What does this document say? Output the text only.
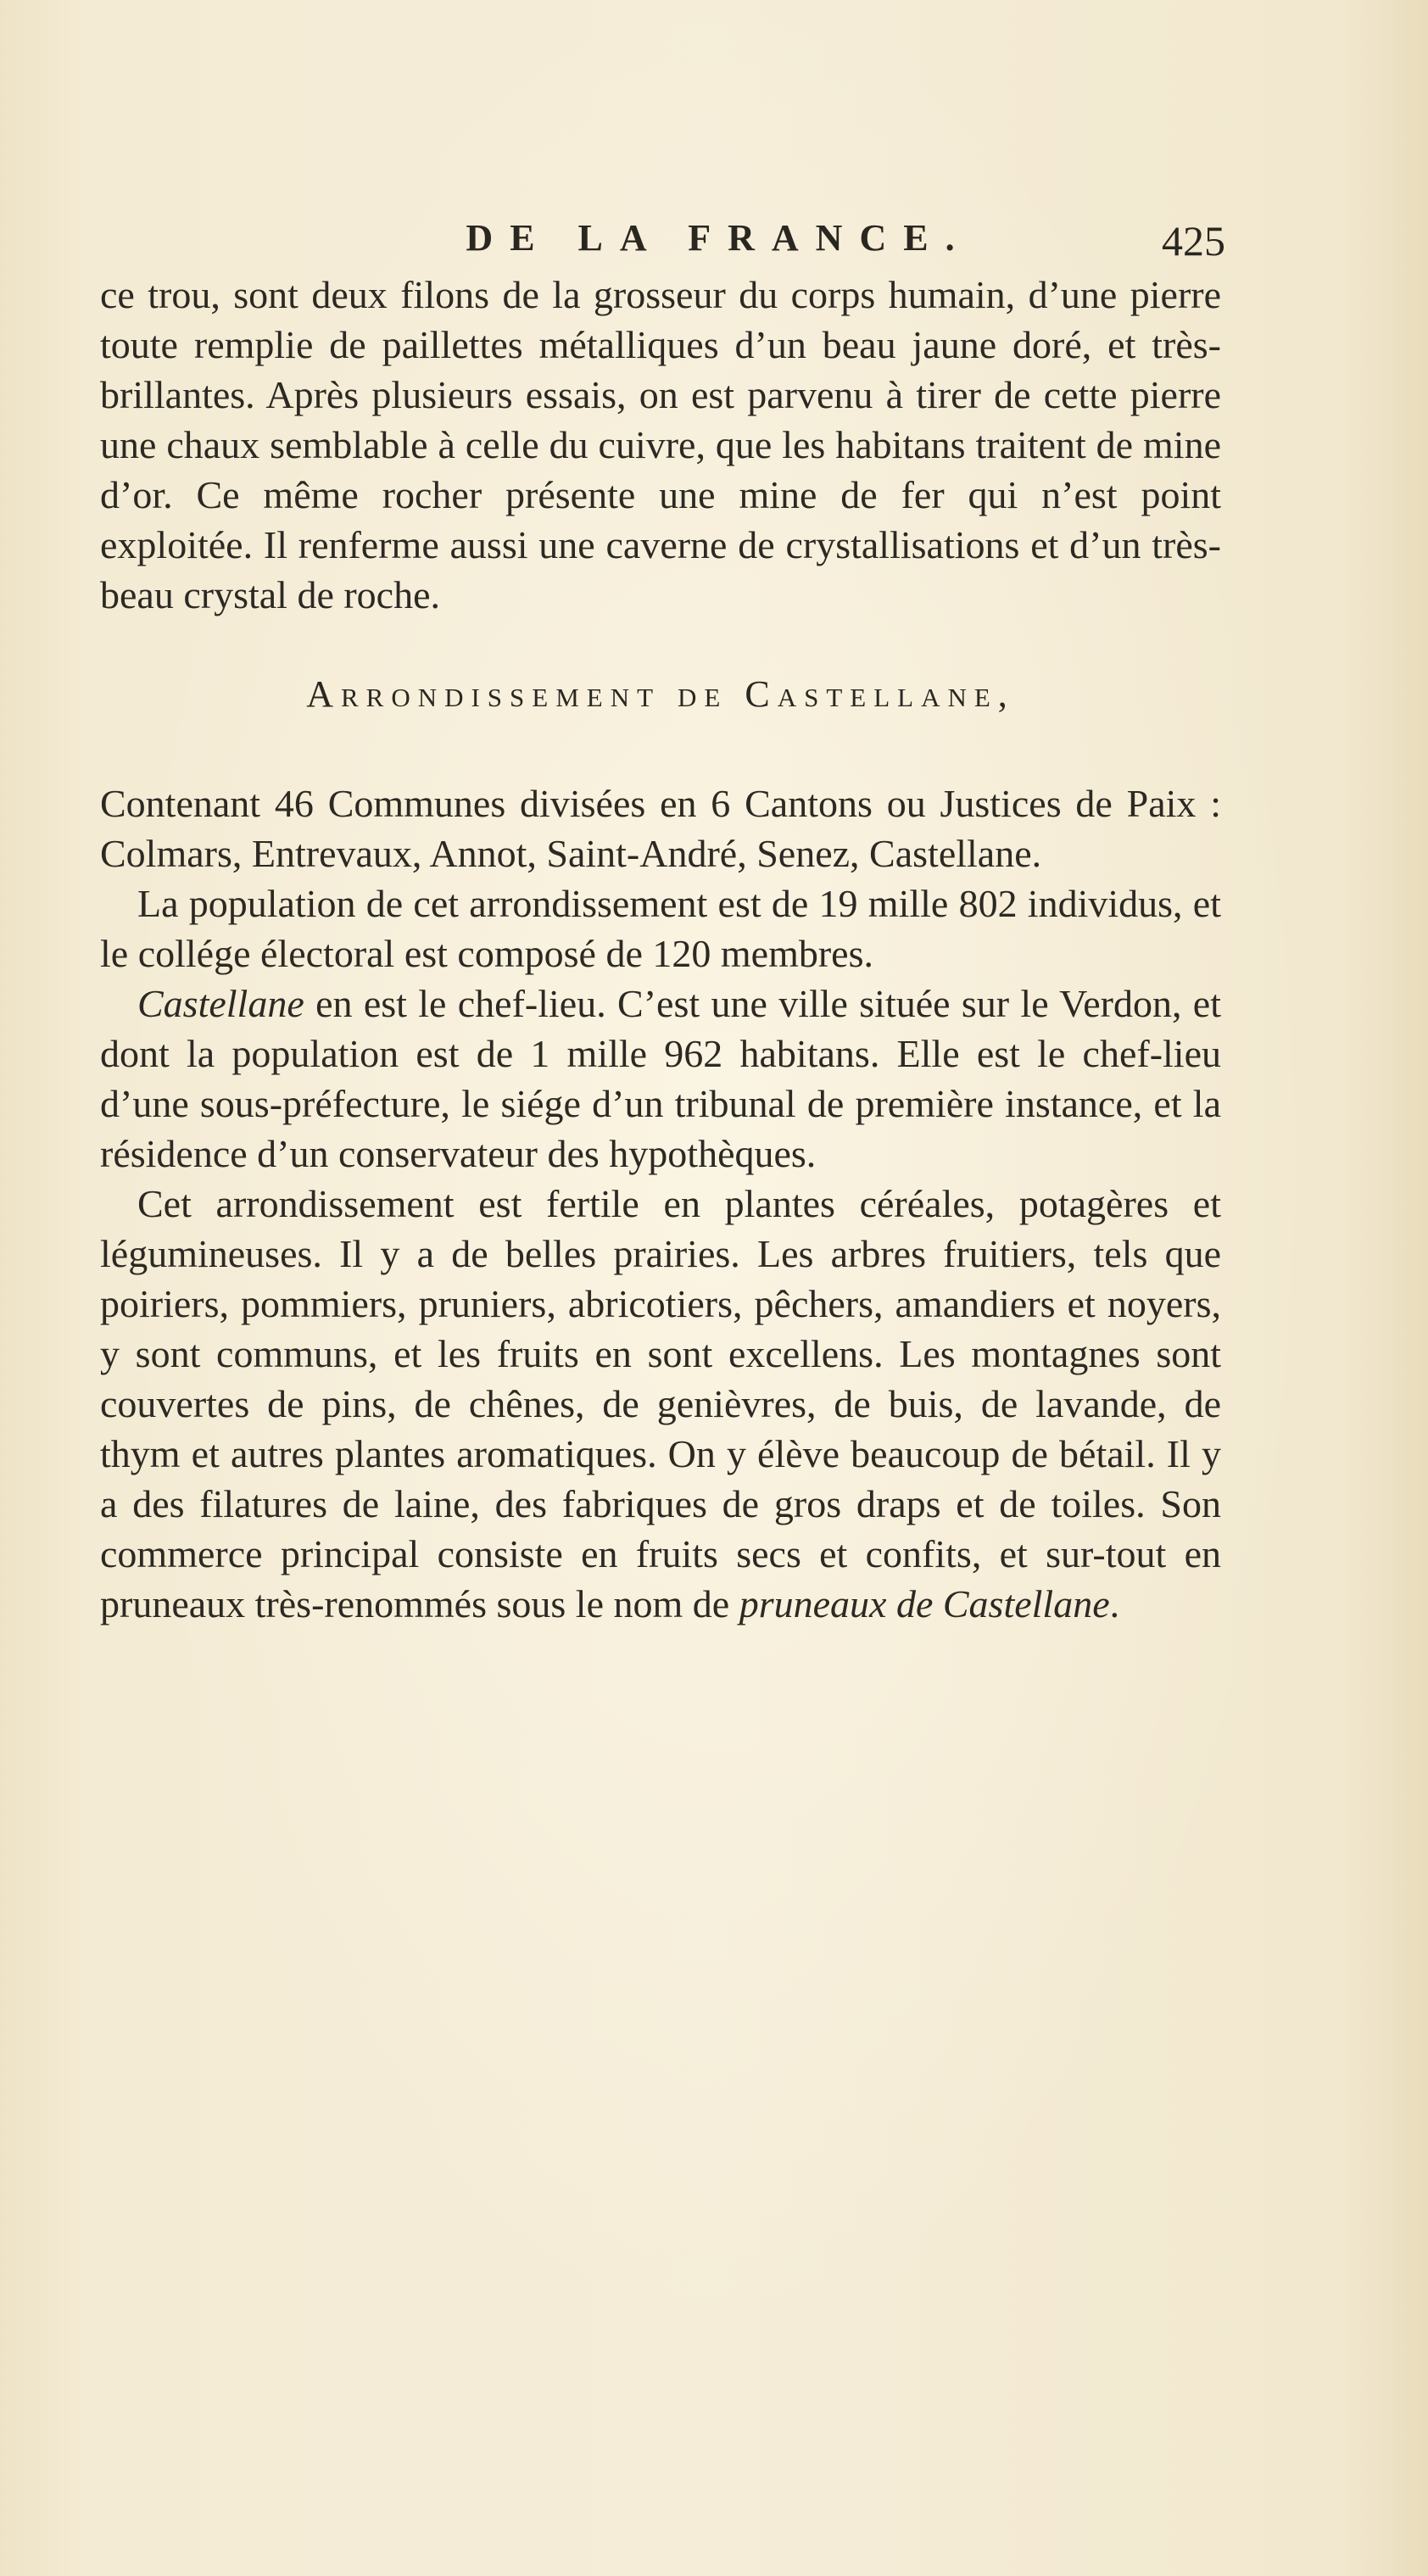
DE LA FRANCE.	425

ce trou, sont deux filons de la grosseur du corps humain, d’une pierre toute remplie de paillettes métalliques d’un beau jaune doré, et très-brillantes. Après plusieurs essais, on est parvenu à tirer de cette pierre une chaux semblable à celle du cuivre, que les habitans traitent de mine d’or. Ce même rocher présente une mine de fer qui n’est point exploitée. Il renferme aussi une caverne de crystallisations et d’un très-beau crystal de roche.

Arrondissement de Castellane,

Contenant 46 Communes divisées en 6 Cantons ou Justices de Paix : Colmars, Entrevaux, Annot, Saint-André, Senez, Castellane.

La population de cet arrondissement est de 19 mille 802 individus, et le collége électoral est composé de 120 membres.

Castellane en est le chef-lieu. C’est une ville située sur le Verdon, et dont la population est de 1 mille 962 habitans. Elle est le chef-lieu d’une sous-préfecture, le siége d’un tribunal de première instance, et la résidence d’un conservateur des hypothèques.

Cet arrondissement est fertile en plantes céréales, potagères et légumineuses. Il y a de belles prairies. Les arbres fruitiers, tels que poiriers, pommiers, pruniers, abricotiers, pêchers, amandiers et noyers, y sont communs, et les fruits en sont excellens. Les montagnes sont couvertes de pins, de chênes, de genièvres, de buis, de lavande, de thym et autres plantes aromatiques. On y élève beaucoup de bétail. Il y a des filatures de laine, des fabriques de gros draps et de toiles. Son commerce principal consiste en fruits secs et confits, et sur-tout en pruneaux très-renommés sous le nom de pruneaux de Castellane.
